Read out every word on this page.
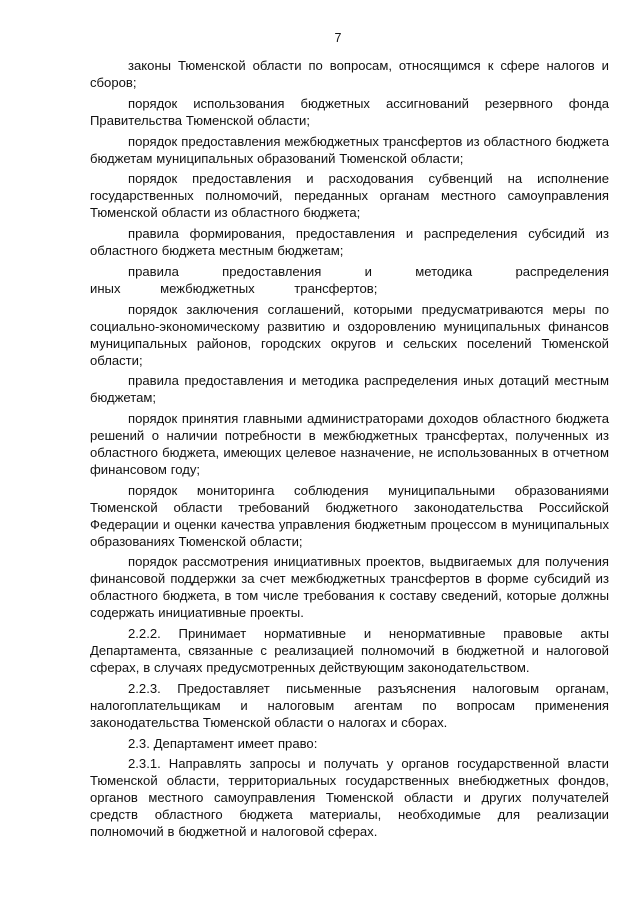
7

законы Тюменской области по вопросам, относящимся к сфере налогов и сборов;

порядок использования бюджетных ассигнований резервного фонда Правительства Тюменской области;

порядок предоставления межбюджетных трансфертов из областного бюджета бюджетам муниципальных образований Тюменской области;

порядок предоставления и расходования субвенций на исполнение государственных полномочий, переданных органам местного самоуправления Тюменской области из областного бюджета;

правила формирования, предоставления и распределения субсидий из областного бюджета местным бюджетам;

правила предоставления и методика распределения иных межбюджетных трансфертов;

порядок заключения соглашений, которыми предусматриваются меры по социально-экономическому развитию и оздоровлению муниципальных финансов муниципальных районов, городских округов и сельских поселений Тюменской области;

правила предоставления и методика распределения иных дотаций местным бюджетам;

порядок принятия главными администраторами доходов областного бюджета решений о наличии потребности в межбюджетных трансфертах, полученных из областного бюджета, имеющих целевое назначение, не использованных в отчетном финансовом году;

порядок мониторинга соблюдения муниципальными образованиями Тюменской области требований бюджетного законодательства Российской Федерации и оценки качества управления бюджетным процессом в муниципальных образованиях Тюменской области;

порядок рассмотрения инициативных проектов, выдвигаемых для получения финансовой поддержки за счет межбюджетных трансфертов в форме субсидий из областного бюджета, в том числе требования к составу сведений, которые должны содержать инициативные проекты.

2.2.2. Принимает нормативные и ненормативные правовые акты Департамента, связанные с реализацией полномочий в бюджетной и налоговой сферах, в случаях предусмотренных действующим законодательством.

2.2.3. Предоставляет письменные разъяснения налоговым органам, налогоплательщикам и налоговым агентам по вопросам применения законодательства Тюменской области о налогах и сборах.

2.3. Департамент имеет право:

2.3.1. Направлять запросы и получать у органов государственной власти Тюменской области, территориальных государственных внебюджетных фондов, органов местного самоуправления Тюменской области и других получателей средств областного бюджета материалы, необходимые для реализации полномочий в бюджетной и налоговой сферах.
